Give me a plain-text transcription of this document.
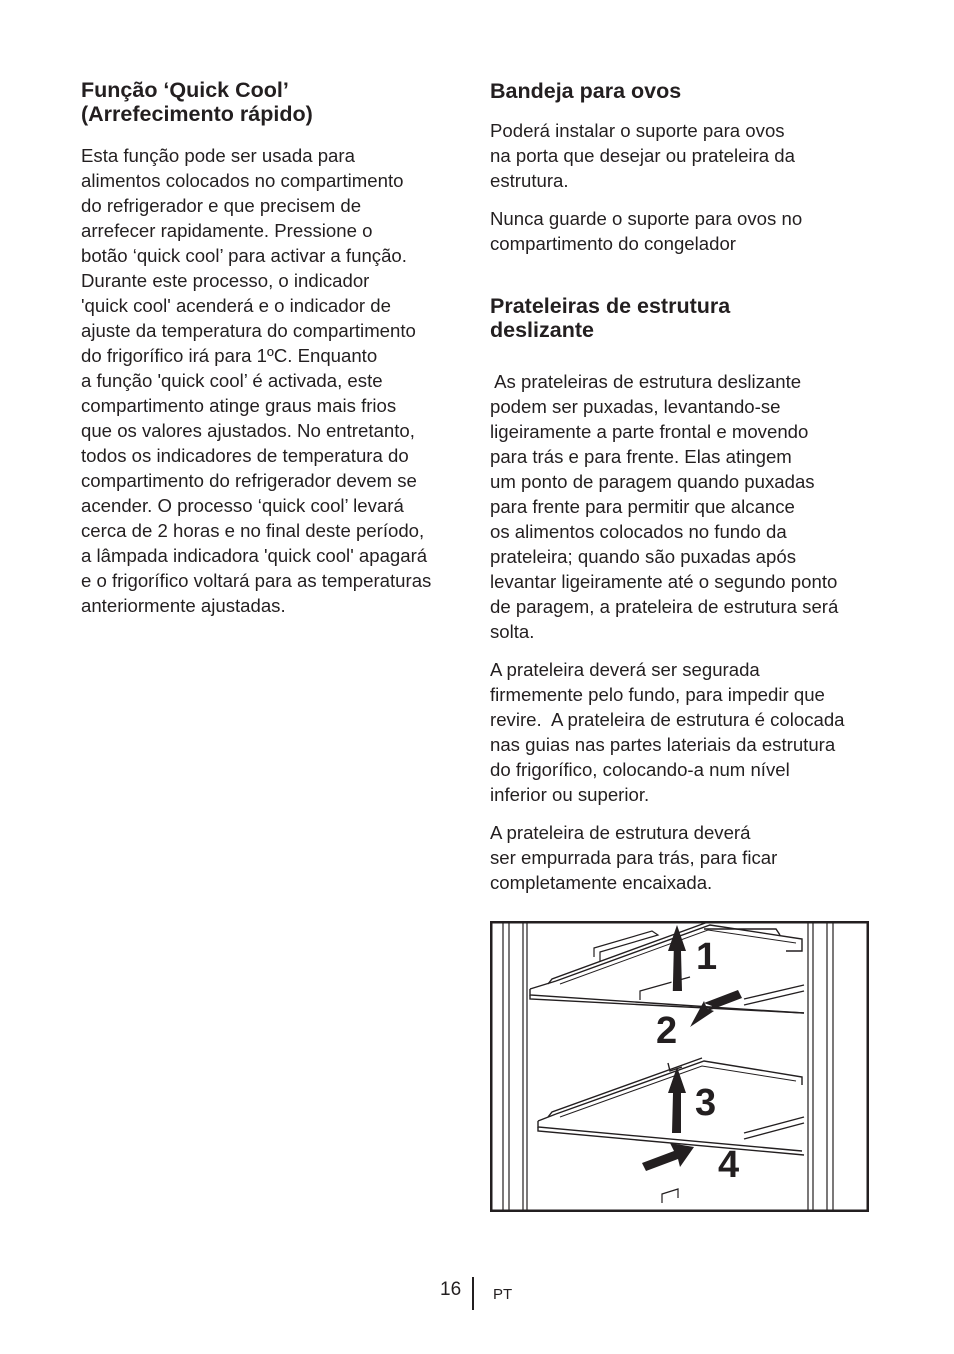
Função ‘Quick Cool’
(Arrefecimento rápido)

Esta função pode ser usada para
alimentos colocados no compartimento
do refrigerador e que precisem de
arrefecer rapidamente. Pressione o
botão ‘quick cool’ para activar a função.
Durante este processo, o indicador
'quick cool' acenderá e o indicador de
ajuste da temperatura do compartimento
do frigorífico irá para 1ºC. Enquanto
a função 'quick cool’ é activada, este
compartimento atinge graus mais frios
que os valores ajustados. No entretanto,
todos os indicadores de temperatura do
compartimento do refrigerador devem se
acender. O processo ‘quick cool’ levará
cerca de 2 horas e no final deste período,
a lâmpada indicadora 'quick cool' apagará
e o frigorífico voltará para as temperaturas
anteriormente ajustadas.

Bandeja para ovos

Poderá instalar o suporte para ovos
na porta que desejar ou prateleira da
estrutura.

Nunca guarde o suporte para ovos no
compartimento do congelador

Prateleiras de estrutura
deslizante

As prateleiras de estrutura deslizante
podem ser puxadas, levantando-se
ligeiramente a parte frontal e movendo
para trás e para frente. Elas atingem
um ponto de paragem quando puxadas
para frente para permitir que alcance
os alimentos colocados no fundo da
prateleira; quando são puxadas após
levantar ligeiramente até o segundo ponto
de paragem, a prateleira de estrutura será
solta.

A prateleira deverá ser segurada
firmemente pelo fundo, para impedir que
revire.  A prateleira de estrutura é colocada
nas guias nas partes lateriais da estrutura
do frigorífico, colocando-a num nível
inferior ou superior.

A prateleira de estrutura deverá
ser empurrada para trás, para ficar
completamente encaixada.

1
2
3
4
16 PT
